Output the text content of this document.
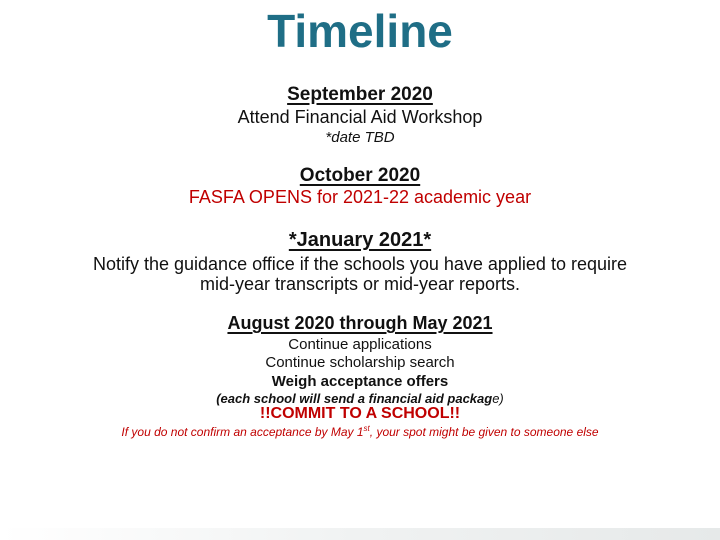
Timeline
September 2020
Attend Financial Aid Workshop
*date TBD
October 2020
FASFA OPENS for 2021-22 academic year
*January 2021*
Notify the guidance office if the schools you have applied to require
mid-year transcripts or mid-year reports.
August 2020 through May 2021
Continue applications
Continue scholarship search
Weigh acceptance offers
(each school will send a financial aid package)
!!COMMIT TO A SCHOOL!!
If you do not confirm an acceptance by May 1st, your spot might be given to someone else
